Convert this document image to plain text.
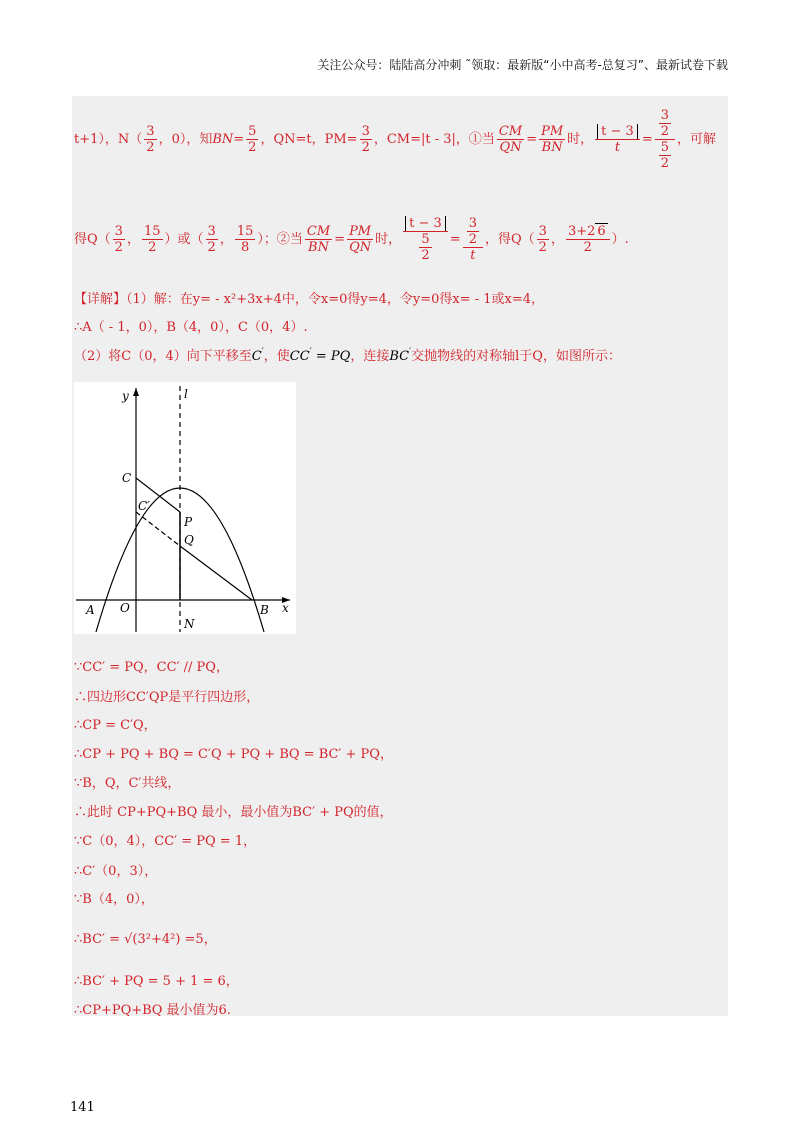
关注公众号：陆陆高分冲刺 ˜领取：最新版“小中高考-总复习”、最新试卷下载
t+1），$N( \frac{3}{2}$ ，0），知$BN= \frac{5}{2}$ ，QN=t，$PM= \frac{3}{2}$ ，CM=|t - 3|，①当 $\frac{CM}{QN} = \frac{PM}{BN}$ 时， $\frac{t - 3}{t} = \frac{\frac{3}{2}}{\frac{5}{2}}$ ，可解
得$Q( \frac{3}{2}$ ， $\frac{15}{2}$ ）或（ $\frac{3}{2}$ ， $\frac{15}{8}$ ）；②当 $\frac{CM}{BN} = \frac{PM}{QN}$ 时， $\frac{t - 3}{\frac{5}{2}} = \frac{\frac{3}{2}}{t}$ ，得$Q( \frac{3}{2}$ ， $\frac{3+2 6}{2}$ ）.
【详解】（1）解：在y= - x²+3x+4中，令x=0得y=4，令y=0得x= - 1或x=4，
∴A（ - 1，0），B（4，0），C（0，4）.
（2）将C（0，4）向下平移至C′，使CC′ = PQ，连接BC′交抛物线的对称轴l于Q，如图所示：
y	l
C
C′
P
Q
A O	B x
N
∵CC′ = PQ，CC′ // PQ，
∴四边形CC′QP是平行四边形，
∴CP = C′Q，
∴CP + PQ + BQ = C′Q + PQ + BQ = BC′ + PQ，
∵B，Q，C′共线，
∴此时 CP+PQ+BQ 最小，最小值为BC′ + PQ的值，
∵C（0，4），CC′ = PQ = 1，
∴C′（0，3），
∵B（4，0），
∴BC′ = √(3²+4²) =5，
∴BC′ + PQ = 5 + 1 = 6，
∴CP+PQ+BQ 最小值为6.
141
